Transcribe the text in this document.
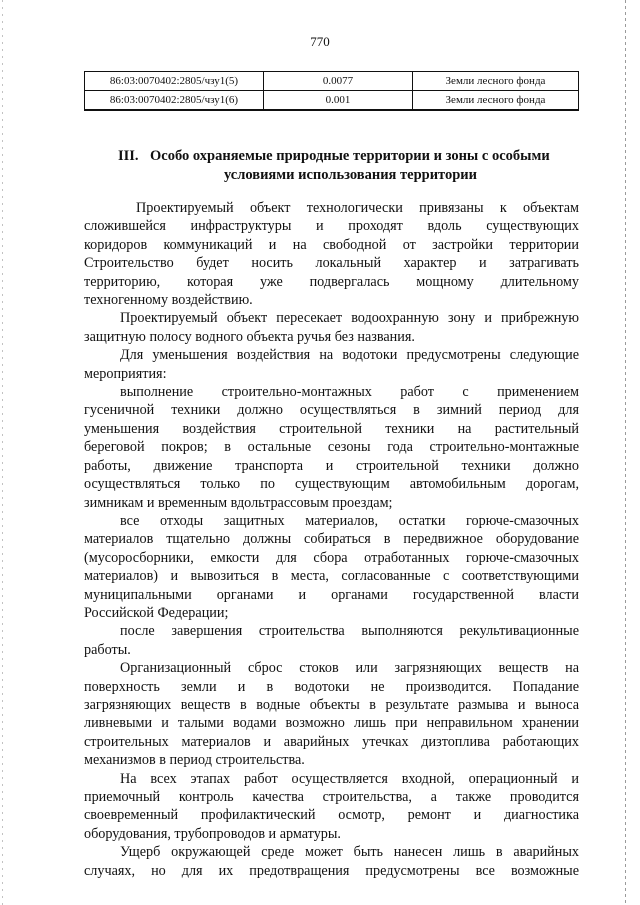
770
86:03:0070402:2805/чзу1(5)	0.0077	Земли лесного фонда
86:03:0070402:2805/чзу1(6)	0.001	Земли лесного фонда
III. Особо охраняемые природные территории и зоны с особыми
условиями использования территории

Проектируемый объект технологически привязаны к объектам

сложившейся инфраструктуры и проходят вдоль существующих

коридоров коммуникаций и на свободной от застройки территории

Строительство будет носить локальный характер и затрагивать

территорию, которая уже подвергалась мощному длительному

техногенному воздействию.

Проектируемый объект пересекает водоохранную зону и прибрежную

защитную полосу водного объекта ручья без названия.

Для уменьшения воздействия на водотоки предусмотрены следующие

мероприятия:

выполнение строительно-монтажных работ с применением

гусеничной техники должно осуществляться в зимний период для

уменьшения воздействия строительной техники на растительный

береговой покров; в остальные сезоны года строительно-монтажные

работы, движение транспорта и строительной техники должно

осуществляться только по существующим автомобильным дорогам,

зимникам и временным вдольтрассовым проездам;

все отходы защитных материалов, остатки горюче-смазочных

материалов тщательно должны собираться в передвижное оборудование

(мусоросборники, емкости для сбора отработанных горюче-смазочных

материалов) и вывозиться в места, согласованные с соответствующими

муниципальными органами и органами государственной власти

Российской Федерации;

после завершения строительства выполняются рекультивационные

работы.

Организационный сброс стоков или загрязняющих веществ на

поверхность земли и в водотоки не производится. Попадание

загрязняющих веществ в водные объекты в результате размыва и выноса

ливневыми и талыми водами возможно лишь при неправильном хранении

строительных материалов и аварийных утечках дизтоплива работающих

механизмов в период строительства.

На всех этапах работ осуществляется входной, операционный и

приемочный контроль качества строительства, а также проводится

своевременный профилактический осмотр, ремонт и диагностика

оборудования, трубопроводов и арматуры.

Ущерб окружающей среде может быть нанесен лишь в аварийных

случаях, но для их предотвращения предусмотрены все возможные
